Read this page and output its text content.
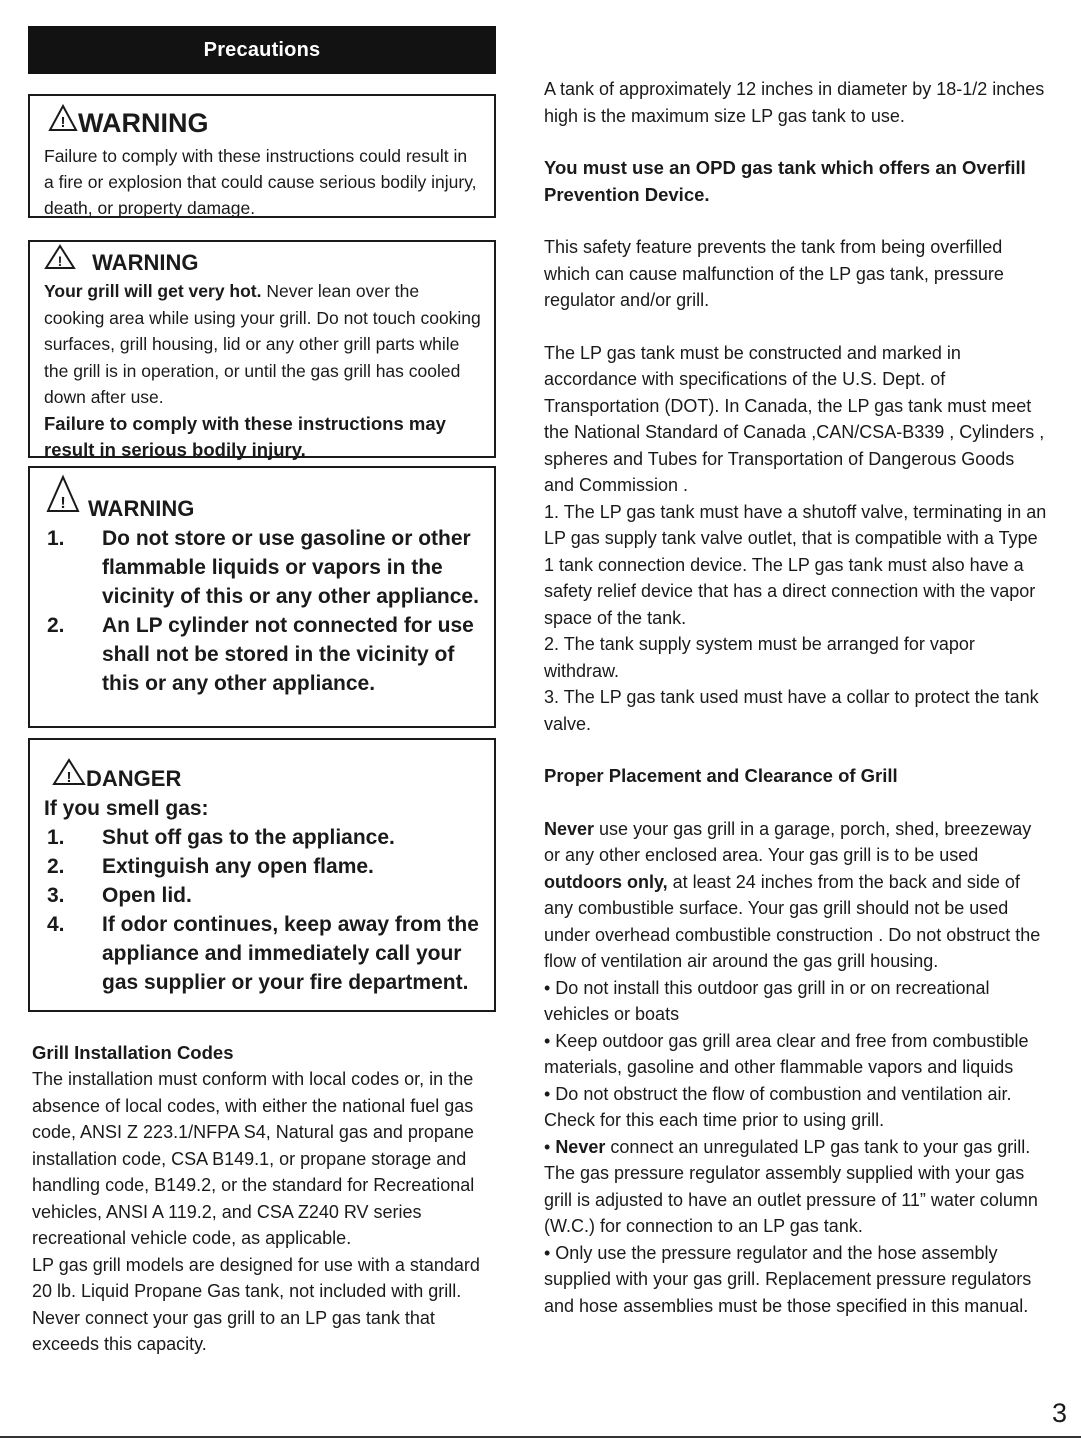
Precautions
! WARNING

Failure to comply with these instructions could result in a fire or explosion that could cause serious bodily injury, death, or property damage.

! WARNING

Your grill will get very hot. Never lean over the cooking area while using your grill. Do not touch cooking surfaces, grill housing, lid or any other grill parts while the grill is in operation, or until the gas grill has cooled down after use.

Failure to comply with these instructions may result in serious bodily injury.

! WARNING
1.	Do not store or use gasoline or other flammable liquids or vapors in the vicinity of this or any other appliance.
2.	An LP cylinder not connected for use shall not be stored in the vicinity of this or any other appliance.
! DANGER
If you smell gas:
1.	Shut off gas to the appliance.
2.	Extinguish any open flame.
3.	Open lid.
4.	If odor continues, keep away from the appliance and immediately call your gas supplier or your fire department.
Grill Installation Codes

The installation must conform with local codes or, in the absence of local codes, with either the national fuel gas code, ANSI Z 223.1/NFPA S4, Natural gas and propane installation code, CSA B149.1, or propane storage and handling code, B149.2, or the standard for Recreational vehicles, ANSI A 119.2, and CSA Z240 RV series recreational vehicle code, as applicable.

LP gas grill models are designed for use with a standard 20 lb. Liquid Propane Gas tank, not included with grill. Never connect your gas grill to an LP gas tank that exceeds this capacity.

A tank of approximately 12 inches in diameter by 18-1/2 inches high is the maximum size LP gas tank to use.

You must use an OPD gas tank which offers an Overfill Prevention Device.

This safety feature prevents the tank from being overfilled which can cause malfunction of the LP gas tank, pressure regulator and/or grill.

The LP gas tank must be constructed and marked in accordance with specifications of the U.S. Dept. of Transportation (DOT). In Canada, the LP gas tank must meet the National Standard of Canada ,CAN/CSA-B339 , Cylinders , spheres and Tubes for Transportation of Dangerous Goods and Commission .

1. The LP gas tank must have a shutoff valve, terminating in an LP gas supply tank valve outlet, that is compatible with a Type 1 tank connection device. The LP gas tank must also have a safety relief device that has a direct connection with the vapor space of the tank.

2. The tank supply system must be arranged for vapor withdraw.

3. The LP gas tank used must have a collar to protect the tank valve.

Proper Placement and Clearance of Grill

Never use your gas grill in a garage, porch, shed, breezeway or any other enclosed area. Your gas grill is to be used outdoors only, at least 24 inches from the back and side of any combustible surface. Your gas grill should not be used under overhead combustible construction . Do not obstruct the flow of ventilation air around the gas grill housing.

• Do not install this outdoor gas grill in or on recreational vehicles or boats

• Keep outdoor gas grill area clear and free from combustible materials, gasoline and other flammable vapors and liquids

• Do not obstruct the flow of combustion and ventilation air. Check for this each time prior to using grill.

• Never connect an unregulated LP gas tank to your gas grill. The gas pressure regulator assembly supplied with your gas grill is adjusted to have an outlet pressure of 11” water column (W.C.) for connection to an LP gas tank.

• Only use the pressure regulator and the hose assembly supplied with your gas grill. Replacement pressure regulators and hose assemblies must be those specified in this manual.

3
